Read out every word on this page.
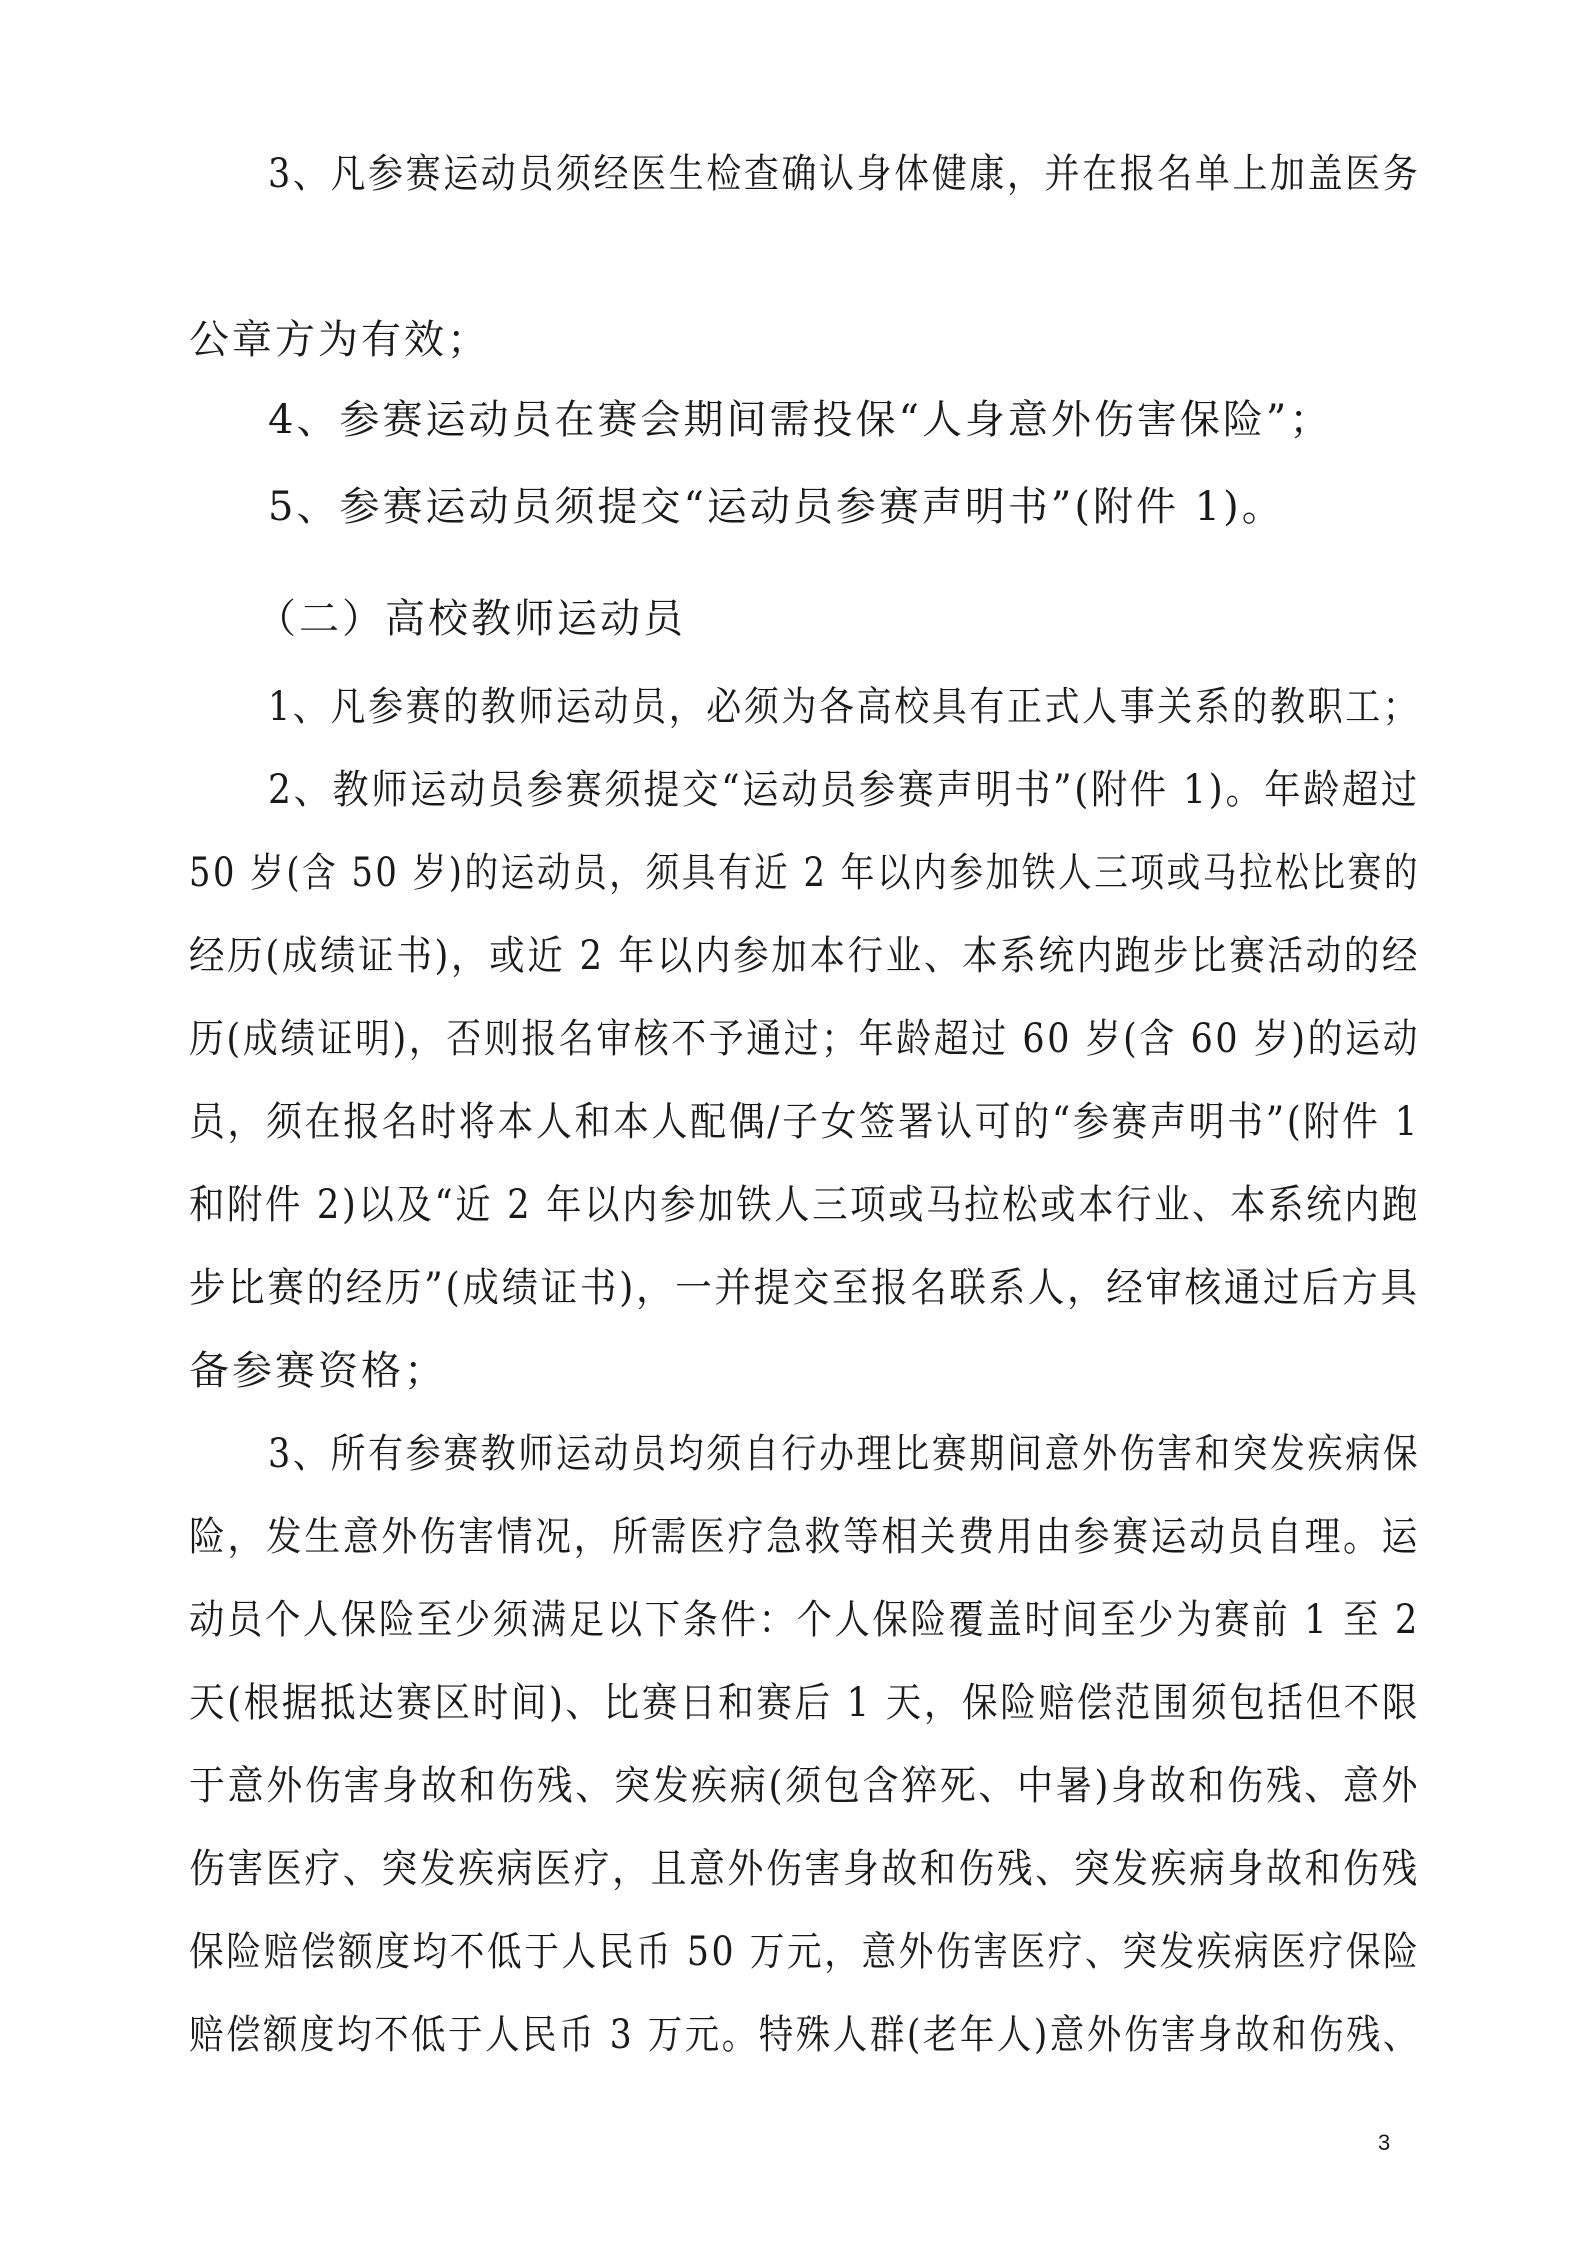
3、凡参赛运动员须经医生检查确认身体健康，并在报名单上加盖医务
公章方为有效；
4、参赛运动员在赛会期间需投保“人身意外伤害保险”；
5、参赛运动员须提交“运动员参赛声明书”(附件 1)。
（二）高校教师运动员
1、凡参赛的教师运动员，必须为各高校具有正式人事关系的教职工；
2、教师运动员参赛须提交“运动员参赛声明书”(附件 1)。年龄超过
50 岁(含 50 岁)的运动员，须具有近 2 年以内参加铁人三项或马拉松比赛的
经历(成绩证书)，或近 2 年以内参加本行业、本系统内跑步比赛活动的经
历(成绩证明)，否则报名审核不予通过；年龄超过 60 岁(含 60 岁)的运动
员，须在报名时将本人和本人配偶/子女签署认可的“参赛声明书”(附件 1
和附件 2)以及“近 2 年以内参加铁人三项或马拉松或本行业、本系统内跑
步比赛的经历”(成绩证书)，一并提交至报名联系人，经审核通过后方具
备参赛资格；
3、所有参赛教师运动员均须自行办理比赛期间意外伤害和突发疾病保
险，发生意外伤害情况，所需医疗急救等相关费用由参赛运动员自理。运
动员个人保险至少须满足以下条件：个人保险覆盖时间至少为赛前 1 至 2
天(根据抵达赛区时间)、比赛日和赛后 1 天，保险赔偿范围须包括但不限
于意外伤害身故和伤残、突发疾病(须包含猝死、中暑)身故和伤残、意外
伤害医疗、突发疾病医疗，且意外伤害身故和伤残、突发疾病身故和伤残
保险赔偿额度均不低于人民币 50 万元，意外伤害医疗、突发疾病医疗保险
赔偿额度均不低于人民币 3 万元。特殊人群(老年人)意外伤害身故和伤残、
3
